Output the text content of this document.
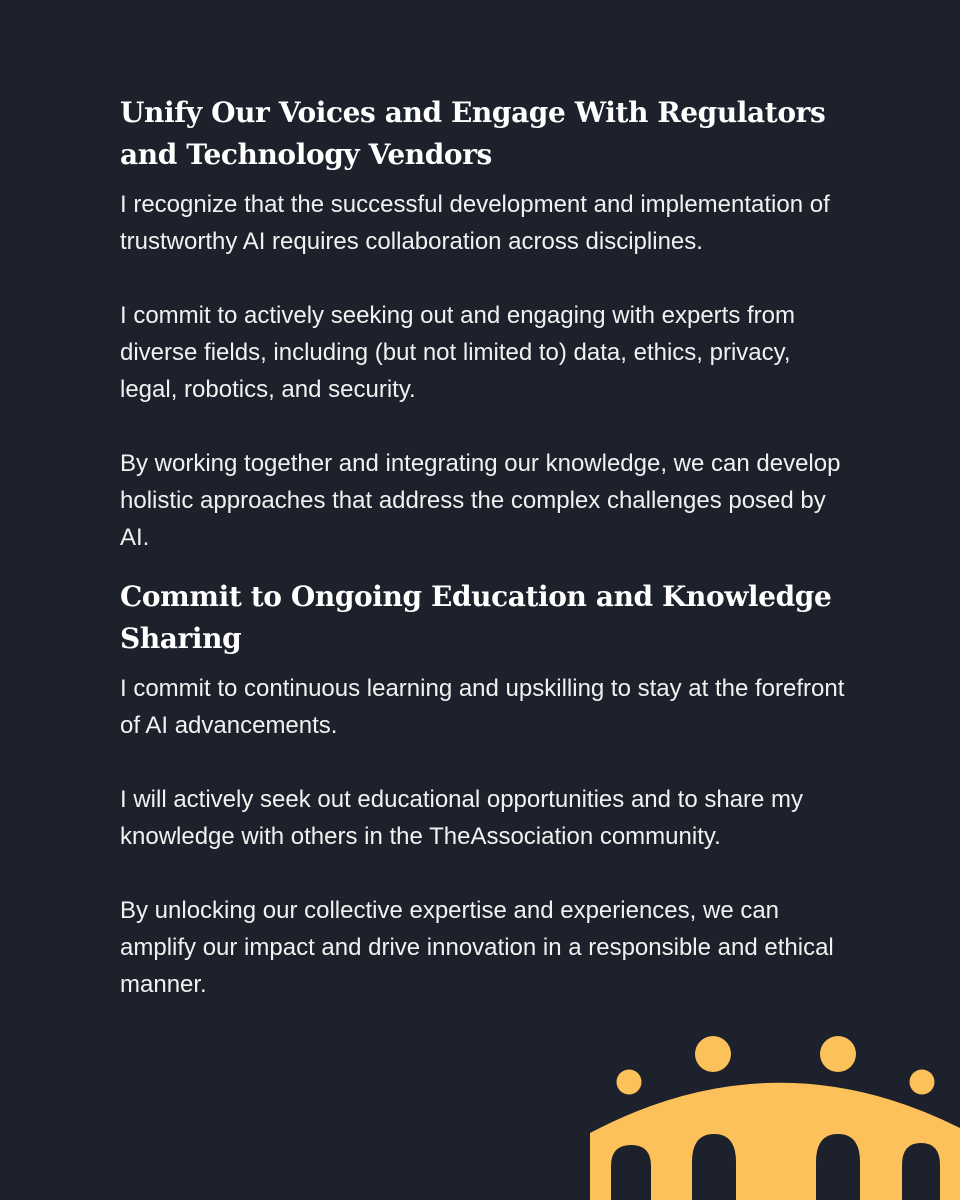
Unify Our Voices and Engage With Regulators and Technology Vendors

I recognize that the successful development and implementation of trustworthy AI requires collaboration across disciplines.

I commit to actively seeking out and engaging with experts from diverse fields, including (but not limited to) data, ethics, privacy, legal, robotics, and security.

By working together and integrating our knowledge, we can develop holistic approaches that address the complex challenges posed by AI.

Commit to Ongoing Education and Knowledge Sharing

I commit to continuous learning and upskilling to stay at the forefront of AI advancements.

I will actively seek out educational opportunities and to share my knowledge with others in the TheAssociation community.

By unlocking our collective expertise and experiences, we can amplify our impact and drive innovation in a responsible and ethical manner.
